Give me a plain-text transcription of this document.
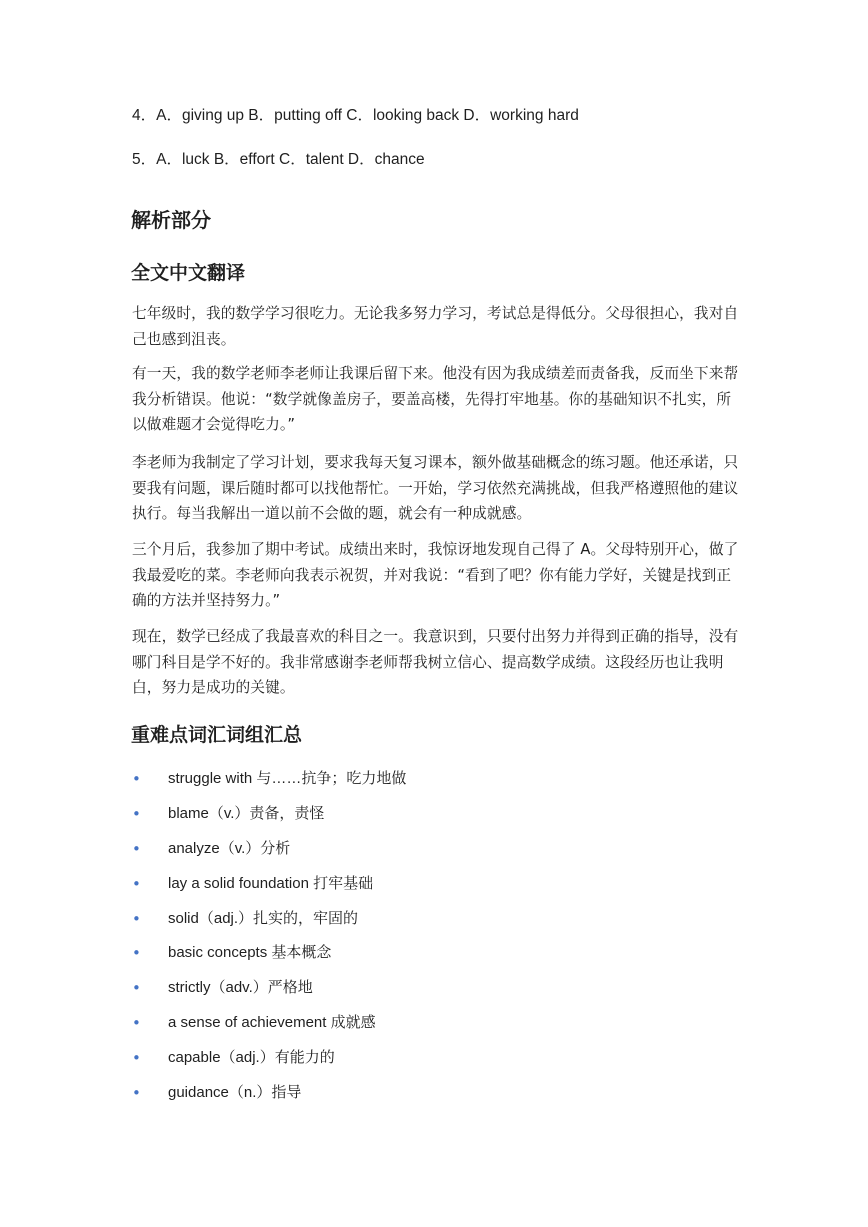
4．A．giving up B．putting off C．looking back D．working hard
5．A．luck B．effort C．talent D．chance
解析部分
全文中文翻译

七年级时，我的数学学习很吃力。无论我多努力学习，考试总是得低分。父母很担心，我对自己也感到沮丧。

有一天，我的数学老师李老师让我课后留下来。他没有因为我成绩差而责备我，反而坐下来帮我分析错误。他说：“数学就像盖房子，要盖高楼，先得打牢地基。你的基础知识不扎实，所以做难题才会觉得吃力。”

李老师为我制定了学习计划，要求我每天复习课本，额外做基础概念的练习题。他还承诺，只要我有问题，课后随时都可以找他帮忙。一开始，学习依然充满挑战，但我严格遵照他的建议执行。每当我解出一道以前不会做的题，就会有一种成就感。

三个月后，我参加了期中考试。成绩出来时，我惊讶地发现自己得了 A。父母特别开心，做了我最爱吃的菜。李老师向我表示祝贺，并对我说：“看到了吧？你有能力学好，关键是找到正确的方法并坚持努力。”

现在，数学已经成了我最喜欢的科目之一。我意识到，只要付出努力并得到正确的指导，没有哪门科目是学不好的。我非常感谢李老师帮我树立信心、提高数学成绩。这段经历也让我明白，努力是成功的关键。

重难点词汇词组汇总
•	struggle with 与……抗争；吃力地做
•	blame（v.）责备，责怪
•	analyze（v.）分析
•	lay a solid foundation 打牢基础
•	solid（adj.）扎实的，牢固的
•	basic concepts 基本概念
•	strictly（adv.）严格地
•	a sense of achievement 成就感
•	capable（adj.）有能力的
•	guidance（n.）指导
